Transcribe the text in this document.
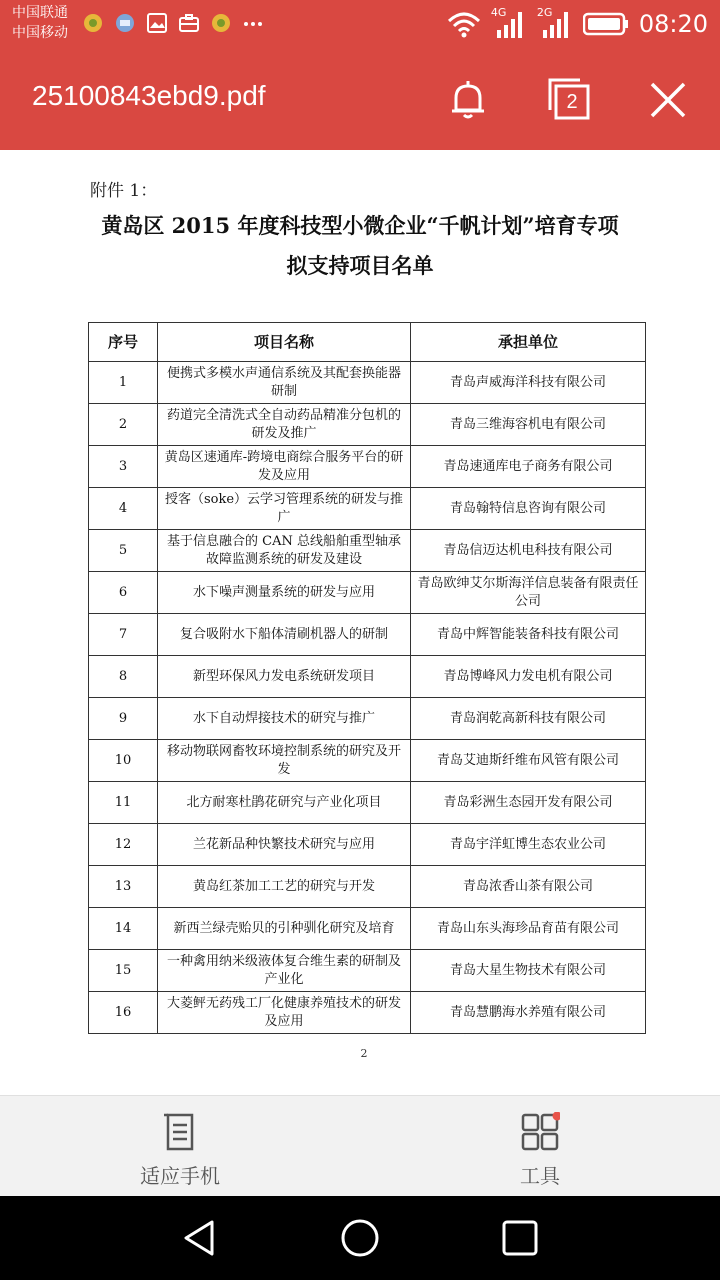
中国联通
中国移动
4G	2G	08:20
25100843ebd9.pdf	2
附件 1：
黄岛区 2015 年度科技型小微企业“千帆计划”培育专项
拟支持项目名单
序号	项目名称	承担单位
1	便携式多模水声通信系统及其配套换能器研制	青岛声威海洋科技有限公司
2	药道完全清洗式全自动药品精准分包机的研发及推广	青岛三维海容机电有限公司
3	黄岛区速通库-跨境电商综合服务平台的研发及应用	青岛速通库电子商务有限公司
4	授客（soke）云学习管理系统的研发与推广	青岛翰特信息咨询有限公司
5	基于信息融合的 CAN 总线船舶重型轴承故障监测系统的研发及建设	青岛信迈达机电科技有限公司
6	水下噪声测量系统的研发与应用	青岛欧绅艾尔斯海洋信息装备有限责任公司
7	复合吸附水下船体清刷机器人的研制	青岛中辉智能装备科技有限公司
8	新型环保风力发电系统研发项目	青岛博峰风力发电机有限公司
9	水下自动焊接技术的研究与推广	青岛润乾高新科技有限公司
10	移动物联网畜牧环境控制系统的研究及开发	青岛艾迪斯纤维布风管有限公司
11	北方耐寒杜鹃花研究与产业化项目	青岛彩洲生态园开发有限公司
12	兰花新品种快繁技术研究与应用	青岛宇洋虹博生态农业公司
13	黄岛红茶加工工艺的研究与开发	青岛浓香山茶有限公司
14	新西兰绿壳贻贝的引种驯化研究及培育	青岛山东头海珍品育苗有限公司
15	一种禽用纳米级液体复合维生素的研制及产业化	青岛大星生物技术有限公司
16	大菱鲆无药残工厂化健康养殖技术的研发及应用	青岛慧鹏海水养殖有限公司
2
适应手机	工具
